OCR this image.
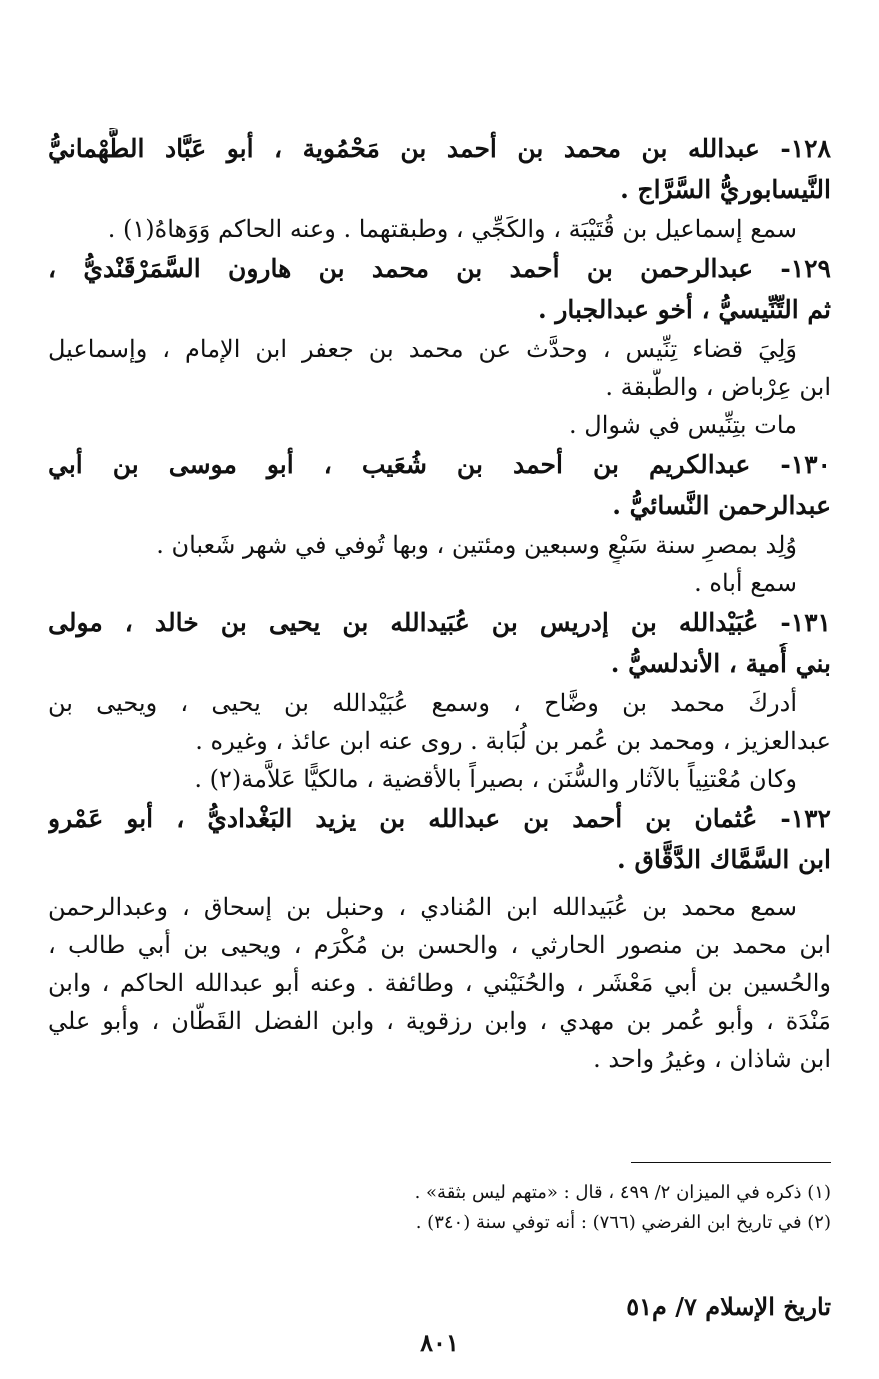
١٢٨- عبدالله بن محمد بن أحمد بن مَحْمُوية ، أبو عَبَّاد الطَّهْمانيُّ
النَّيسابوريُّ السَّرَّاج .
سمع إسماعيل بن قُتَيْبَة ، والكَجِّي ، وطبقتهما . وعنه الحاكم وَوَهاهُ(١) .
١٢٩- عبدالرحمن بن أحمد بن محمد بن هارون السَّمَرْقَنْديُّ ،
ثم التِّنِّيسيُّ ، أخو عبدالجبار .
وَلِيَ قضاء تِنِّيس ، وحدَّث عن محمد بن جعفر ابن الإمام ، وإسماعيل
ابن عِرْباض ، والطَّبقة .
مات بتِنِّيس في شوال .
١٣٠- عبدالكريم بن أحمد بن شُعَيب ، أبو موسى بن أبي
عبدالرحمن النَّسائيُّ .
وُلِد بمصرِ سنة سَبْعٍ وسبعين ومئتين ، وبها تُوفي في شهر شَعبان .
سمع أباه .
١٣١- عُبَيْدالله بن إدريس بن عُبَيدالله بن يحيى بن خالد ، مولى
بني أُمية ، الأندلسيُّ .
أدركَ محمد بن وضَّاح ، وسمع عُبَيْدالله بن يحيى ، ويحيى بن
عبدالعزيز ، ومحمد بن عُمر بن لُبَابة . روى عنه ابن عائذ ، وغيره .
وكان مُعْتنِياً بالآثار والسُّنَن ، بصيراً بالأقضية ، مالكيًّا عَلاَّمة(٢) .
١٣٢- عُثمان بن أحمد بن عبدالله بن يزيد البَغْداديُّ ، أبو عَمْرو
ابن السَّمَّاك الدَّقَّاق .
سمع محمد بن عُبَيدالله ابن المُنادي ، وحنبل بن إسحاق ، وعبدالرحمن
ابن محمد بن منصور الحارثي ، والحسن بن مُكْرَم ، ويحيى بن أبي طالب ،
والحُسين بن أبي مَعْشَر ، والحُنَيْني ، وطائفة . وعنه أبو عبدالله الحاكم ، وابن
مَنْدَة ، وأبو عُمر بن مهدي ، وابن رزقوية ، وابن الفضل القَطّان ، وأبو علي
ابن شاذان ، وغيرُ واحد .
(١) ذكره في الميزان ٢/ ٤٩٩ ، قال : «متهم ليس بثقة» .
(٢) في تاريخ ابن الفرضي (٧٦٦) : أنه توفي سنة (٣٤٠) .
تاريخ الإسلام ٧/ م٥١
٨٠١
